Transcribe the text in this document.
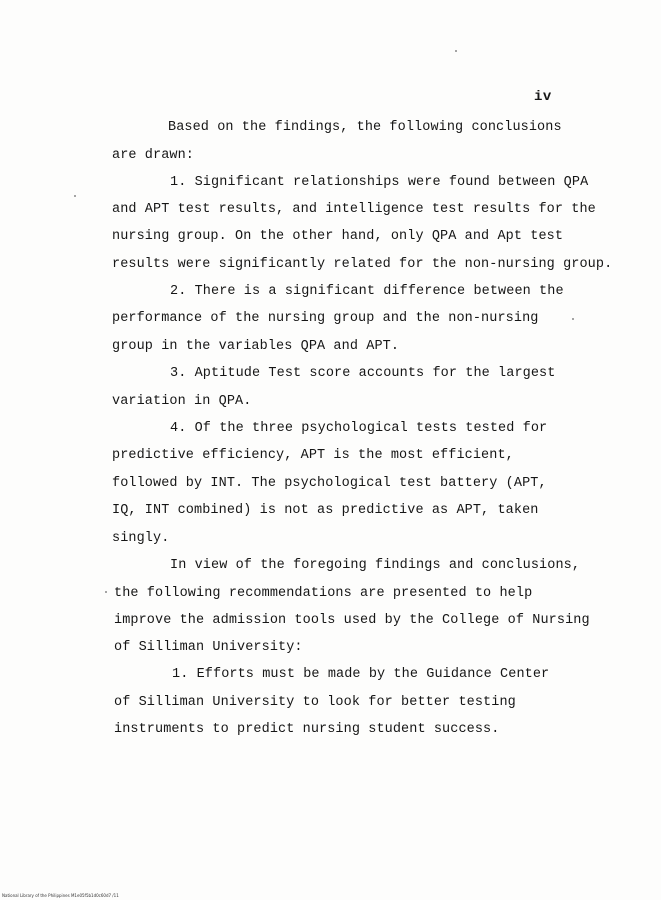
iv
Based on the findings, the following conclusions
are drawn:
1. Significant relationships were found between QPA
and APT test results, and intelligence test results for the
nursing group. On the other hand, only QPA and Apt test
results were significantly related for the non-nursing group.
2. There is a significant difference between the
performance of the nursing group and the non-nursing
group in the variables QPA and APT.
3. Aptitude Test score accounts for the largest
variation in QPA.
4. Of the three psychological tests tested for
predictive efficiency, APT is the most efficient,
followed by INT. The psychological test battery (APT,
IQ, INT combined) is not as predictive as APT, taken
singly.
In view of the foregoing findings and conclusions,
the following recommendations are presented to help
improve the admission tools used by the College of Nursing
of Silliman University:
1. Efforts must be made by the Guidance Center
of Silliman University to look for better testing
instruments to predict nursing student success.
National Library of the Philippines M1e05f5b1d0c60d7 /11
